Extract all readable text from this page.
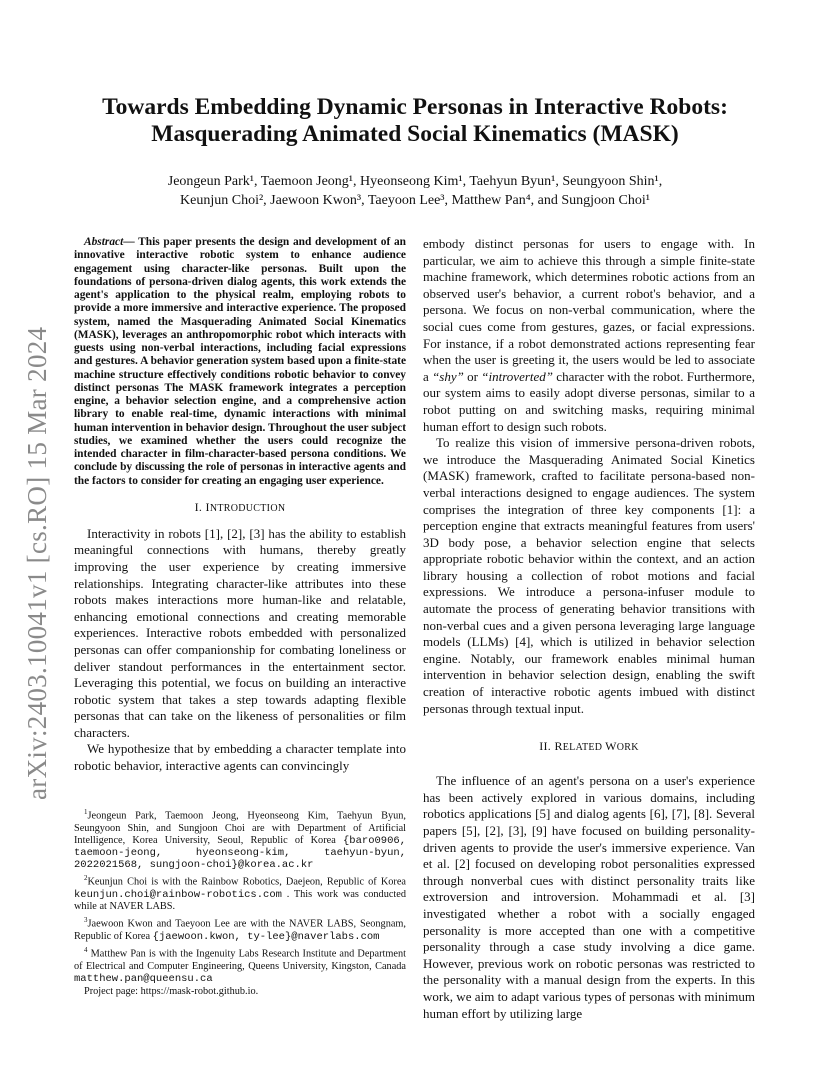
arXiv:2403.10041v1 [cs.RO] 15 Mar 2024
Towards Embedding Dynamic Personas in Interactive Robots:
Masquerading Animated Social Kinematics (MASK)
Jeongeun Park¹, Taemoon Jeong¹, Hyeonseong Kim¹, Taehyun Byun¹, Seungyoon Shin¹,
Keunjun Choi², Jaewoon Kwon³, Taeyoon Lee³, Matthew Pan⁴, and Sungjoon Choi¹

Abstract— This paper presents the design and development of an innovative interactive robotic system to enhance audience engagement using character-like personas. Built upon the foundations of persona-driven dialog agents, this work extends the agent's application to the physical realm, employing robots to provide a more immersive and interactive experience. The proposed system, named the Masquerading Animated Social Kinematics (MASK), leverages an anthropomorphic robot which interacts with guests using non-verbal interactions, including facial expressions and gestures. A behavior generation system based upon a finite-state machine structure effectively conditions robotic behavior to convey distinct personas The MASK framework integrates a perception engine, a behavior selection engine, and a comprehensive action library to enable real-time, dynamic interactions with minimal human intervention in behavior design. Throughout the user subject studies, we examined whether the users could recognize the intended character in film-character-based persona conditions. We conclude by discussing the role of personas in interactive agents and the factors to consider for creating an engaging user experience.

I. INTRODUCTION

Interactivity in robots [1], [2], [3] has the ability to establish meaningful connections with humans, thereby greatly improving the user experience by creating immersive relationships. Integrating character-like attributes into these robots makes interactions more human-like and relatable, enhancing emotional connections and creating memorable experiences. Interactive robots embedded with personalized personas can offer companionship for combating loneliness or deliver standout performances in the entertainment sector. Leveraging this potential, we focus on building an interactive robotic system that takes a step towards adapting flexible personas that can take on the likeness of personalities or film characters.

We hypothesize that by embedding a character template into robotic behavior, interactive agents can convincingly

$^1$Jeongeun Park, Taemoon Jeong, Hyeonseong Kim, Taehyun Byun, Seungyoon Shin, and Sungjoon Choi are with Department of Artificial Intelligence, Korea University, Seoul, Republic of Korea {baro0906, taemoon-jeong, hyeonseong-kim, taehyun-byun, 2022021568, sungjoon-choi}@korea.ac.kr

$^2$Keunjun Choi is with the Rainbow Robotics, Daejeon, Republic of Korea keunjun.choi@rainbow-robotics.com . This work was conducted while at NAVER LABS.

$^3$Jaewoon Kwon and Taeyoon Lee are with the NAVER LABS, Seongnam, Republic of Korea {jaewoon.kwon, ty-lee}@naverlabs.com

$^4$ Matthew Pan is with the Ingenuity Labs Research Institute and Department of Electrical and Computer Engineering, Queens University, Kingston, Canada matthew.pan@queensu.ca

Project page: https://mask-robot.github.io.

embody distinct personas for users to engage with. In particular, we aim to achieve this through a simple finite-state machine framework, which determines robotic actions from an observed user's behavior, a current robot's behavior, and a persona. We focus on non-verbal communication, where the social cues come from gestures, gazes, or facial expressions. For instance, if a robot demonstrated actions representing fear when the user is greeting it, the users would be led to associate a “shy” or “introverted” character with the robot. Furthermore, our system aims to easily adopt diverse personas, similar to a robot putting on and switching masks, requiring minimal human effort to design such robots.

To realize this vision of immersive persona-driven robots, we introduce the Masquerading Animated Social Kinetics (MASK) framework, crafted to facilitate persona-based non-verbal interactions designed to engage audiences. The system comprises the integration of three key components [1]: a perception engine that extracts meaningful features from users' 3D body pose, a behavior selection engine that selects appropriate robotic behavior within the context, and an action library housing a collection of robot motions and facial expressions. We introduce a persona-infuser module to automate the process of generating behavior transitions with non-verbal cues and a given persona leveraging large language models (LLMs) [4], which is utilized in behavior selection engine. Notably, our framework enables minimal human intervention in behavior selection design, enabling the swift creation of interactive robotic agents imbued with distinct personas through textual input.

II. RELATED WORK

The influence of an agent's persona on a user's experience has been actively explored in various domains, including robotics applications [5] and dialog agents [6], [7], [8]. Several papers [5], [2], [3], [9] have focused on building personality-driven agents to provide the user's immersive experience. Van et al. [2] focused on developing robot personalities expressed through nonverbal cues with distinct personality traits like extroversion and introversion. Mohammadi et al. [3] investigated whether a robot with a socially engaged personality is more accepted than one with a competitive personality through a case study involving a dice game. However, previous work on robotic personas was restricted to the personality with a manual design from the experts. In this work, we aim to adapt various types of personas with minimum human effort by utilizing large
